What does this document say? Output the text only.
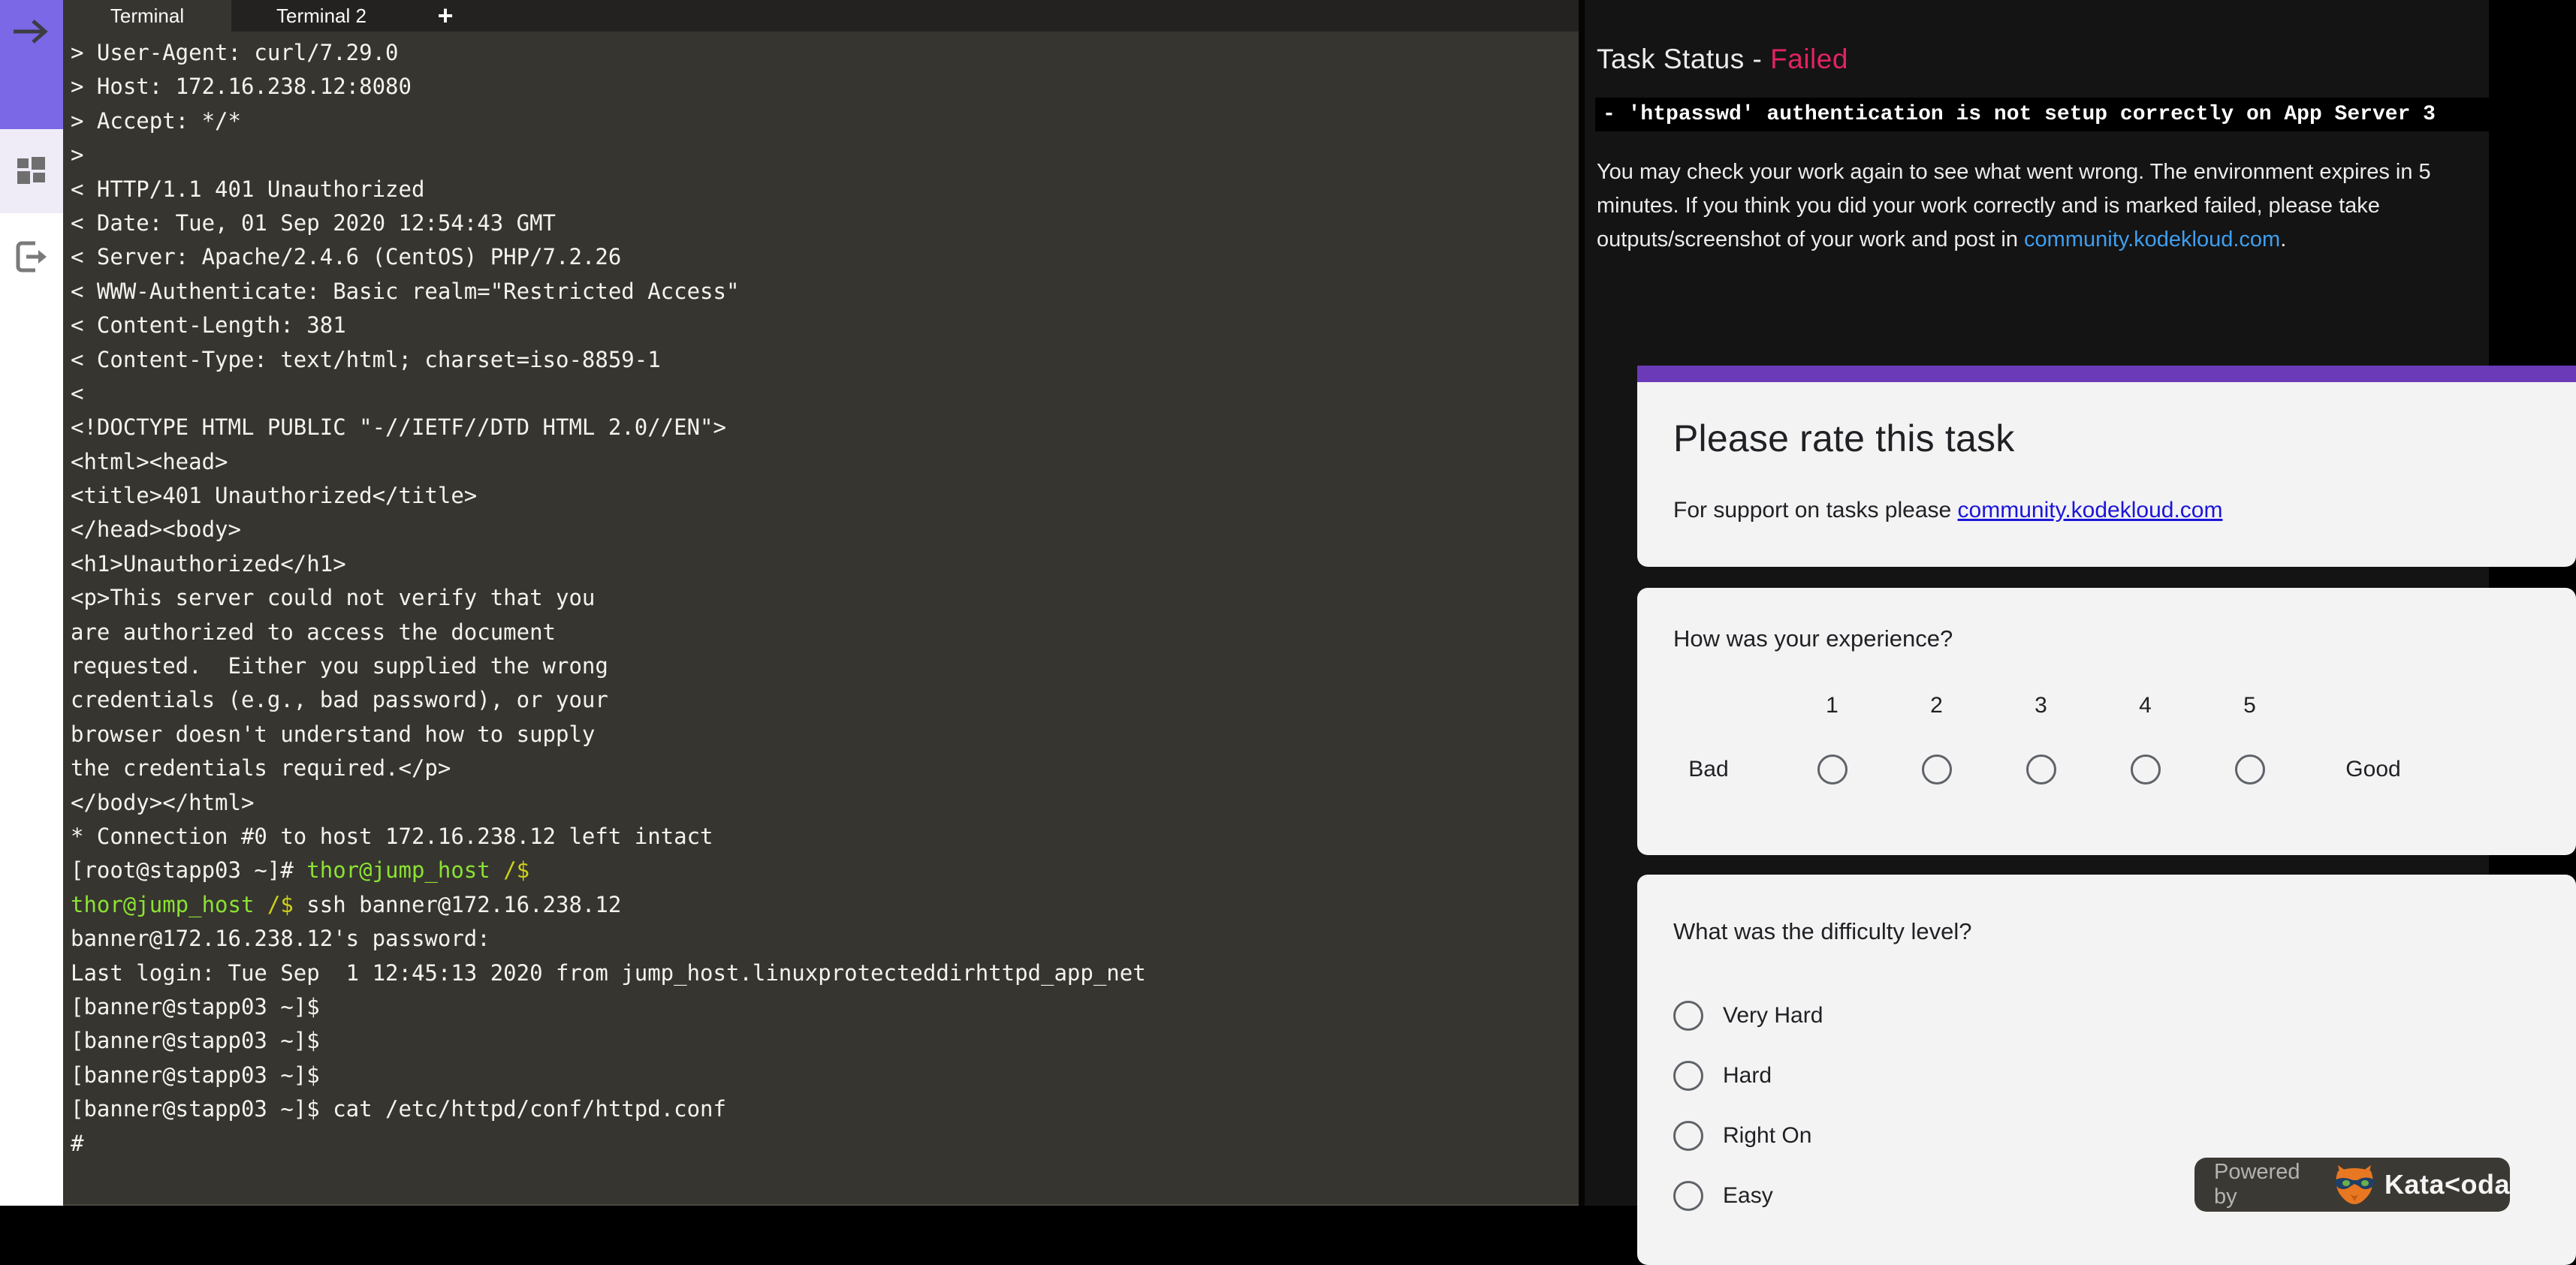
Terminal	Terminal 2	+
> User-Agent: curl/7.29.0
> Host: 172.16.238.12:8080
> Accept: */*
>
< HTTP/1.1 401 Unauthorized
< Date: Tue, 01 Sep 2020 12:54:43 GMT
< Server: Apache/2.4.6 (CentOS) PHP/7.2.26
< WWW-Authenticate: Basic realm="Restricted Access"
< Content-Length: 381
< Content-Type: text/html; charset=iso-8859-1
<
<!DOCTYPE HTML PUBLIC "-//IETF//DTD HTML 2.0//EN">
<html><head>
<title>401 Unauthorized</title>
</head><body>
<h1>Unauthorized</h1>
<p>This server could not verify that you
are authorized to access the document
requested.  Either you supplied the wrong
credentials (e.g., bad password), or your
browser doesn't understand how to supply
the credentials required.</p>
</body></html>
* Connection #0 to host 172.16.238.12 left intact
[root@stapp03 ~]# thor@jump_host /$
thor@jump_host /$ ssh banner@172.16.238.12
banner@172.16.238.12's password:
Last login: Tue Sep  1 12:45:13 2020 from jump_host.linuxprotecteddirhttpd_app_net
[banner@stapp03 ~]$
[banner@stapp03 ~]$
[banner@stapp03 ~]$
[banner@stapp03 ~]$ cat /etc/httpd/conf/httpd.conf
#
Task Status - Failed
- 'htpasswd' authentication is not setup correctly on App Server 3
You may check your work again to see what went wrong. The environment expires in 5 minutes. If you think you did your work correctly and is marked failed, please take outputs/screenshot of your work and post in community.kodekloud.com.
Please rate this task
For support on tasks please community.kodekloud.com
How was your experience?
1	2	3	4	5
Bad	Good
What was the difficulty level?
Very Hard
Hard
Right On
Easy
Powered by	Kata<oda
